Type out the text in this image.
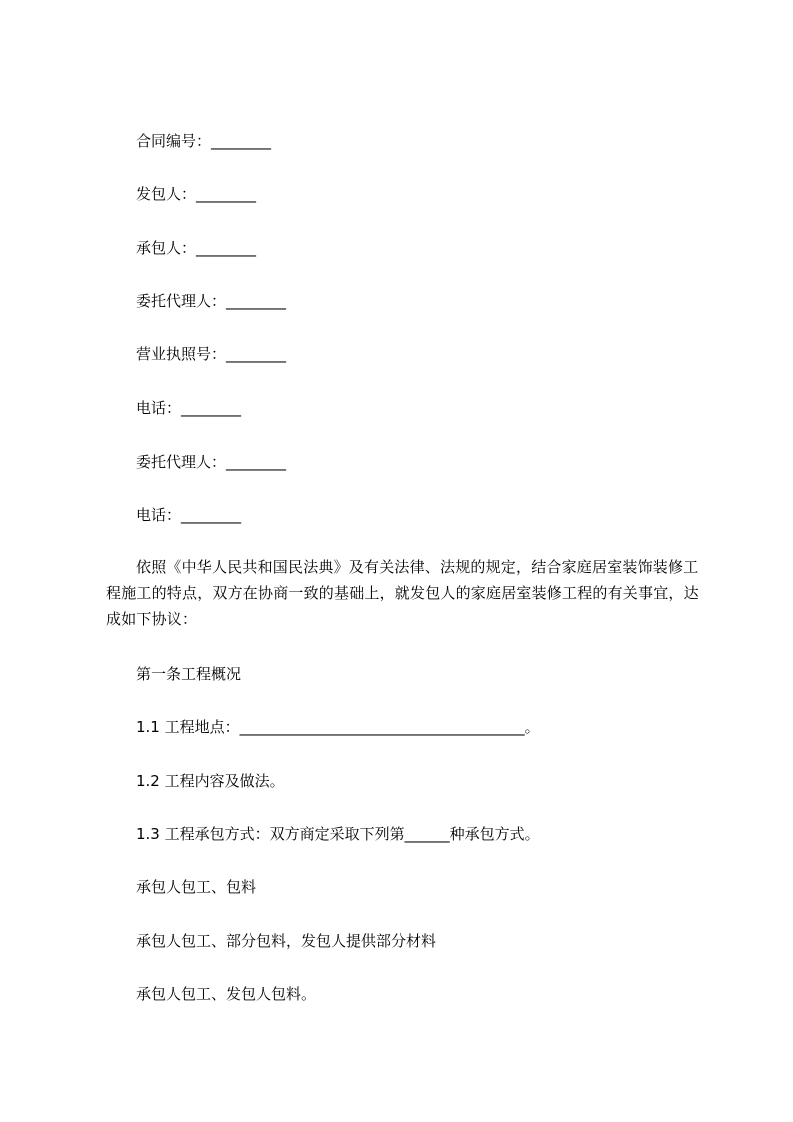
合同编号：________
发包人：________
承包人：________
委托代理人：________
营业执照号：________
电话：________
委托代理人：________
电话：________
依照《中华人民共和国民法典》及有关法律、法规的规定，结合家庭居室装饰装修工程施工的特点，双方在协商一致的基础上，就发包人的家庭居室装修工程的有关事宜，达成如下协议：
第一条工程概况
1.1 工程地点：______________________________________。
1.2 工程内容及做法。
1.3 工程承包方式：双方商定采取下列第______种承包方式。
承包人包工、包料
承包人包工、部分包料，发包人提供部分材料
承包人包工、发包人包料。
